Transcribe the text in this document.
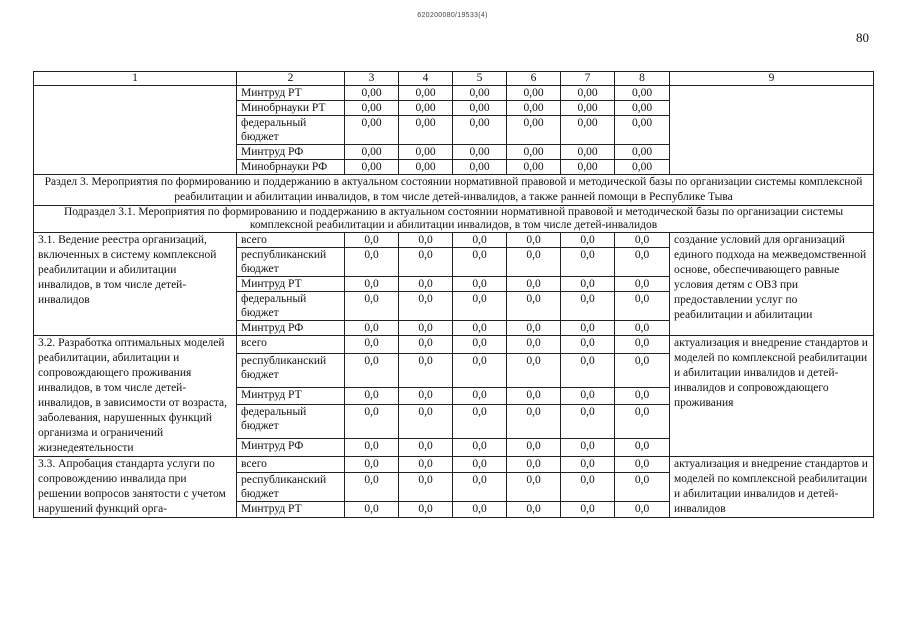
620200080/19533(4)
80
1	2	3	4	5	6	7	8	9
	Минтруд РТ	0,00	0,00	0,00	0,00	0,00	0,00	
	Минобрнауки РТ	0,00	0,00	0,00	0,00	0,00	0,00	
	федеральный бюджет	0,00	0,00	0,00	0,00	0,00	0,00	
	Минтруд РФ	0,00	0,00	0,00	0,00	0,00	0,00	
	Минобрнауки РФ	0,00	0,00	0,00	0,00	0,00	0,00	
Раздел 3. Мероприятия по формированию и поддержанию в актуальном состоянии нормативной правовой и методической базы по организации системы комплексной реабилитации и абилитации инвалидов, в том числе детей-инвалидов, а также ранней помощи в Республике Тыва								
Подраздел 3.1. Мероприятия по формированию и поддержанию в актуальном состоянии нормативной правовой и методической базы по организации системы комплексной реабилитации и абилитации инвалидов, в том числе детей-инвалидов								
3.1. Ведение реестра организаций, включенных в систему комплексной реабилитации и абилитации инвалидов, в том числе детей-инвалидов	всего	0,0	0,0	0,0	0,0	0,0	0,0	создание условий для организаций единого подхода на межведомственной основе, обеспечивающего равные условия детям с ОВЗ при предоставлении услуг по реабилитации и абилитации
	республиканский бюджет	0,0	0,0	0,0	0,0	0,0	0,0	
	Минтруд РТ	0,0	0,0	0,0	0,0	0,0	0,0	
	федеральный бюджет	0,0	0,0	0,0	0,0	0,0	0,0	
	Минтруд РФ	0,0	0,0	0,0	0,0	0,0	0,0	
3.2. Разработка оптимальных моделей реабилитации, абилитации и сопровождающего проживания инвалидов, в том числе детей-инвалидов, в зависимости от возраста, заболевания, нарушенных функций организма и ограничений жизнедеятельности	всего	0,0	0,0	0,0	0,0	0,0	0,0	актуализация и внедрение стандартов и моделей по комплексной реабилитации и абилитации инвалидов и детей-инвалидов и сопровождающего проживания
	республиканский бюджет	0,0	0,0	0,0	0,0	0,0	0,0	
	Минтруд РТ	0,0	0,0	0,0	0,0	0,0	0,0	
	федеральный бюджет	0,0	0,0	0,0	0,0	0,0	0,0	
	Минтруд РФ	0,0	0,0	0,0	0,0	0,0	0,0	
3.3. Апробация стандарта услуги по сопровождению инвалида при решении вопросов занятости с учетом нарушений функций орга-	всего	0,0	0,0	0,0	0,0	0,0	0,0	актуализация и внедрение стандартов и моделей по комплексной реабилитации и абилитации инвалидов и детей-инвалидов
	республиканский бюджет	0,0	0,0	0,0	0,0	0,0	0,0	
	Минтруд РТ	0,0	0,0	0,0	0,0	0,0	0,0	
